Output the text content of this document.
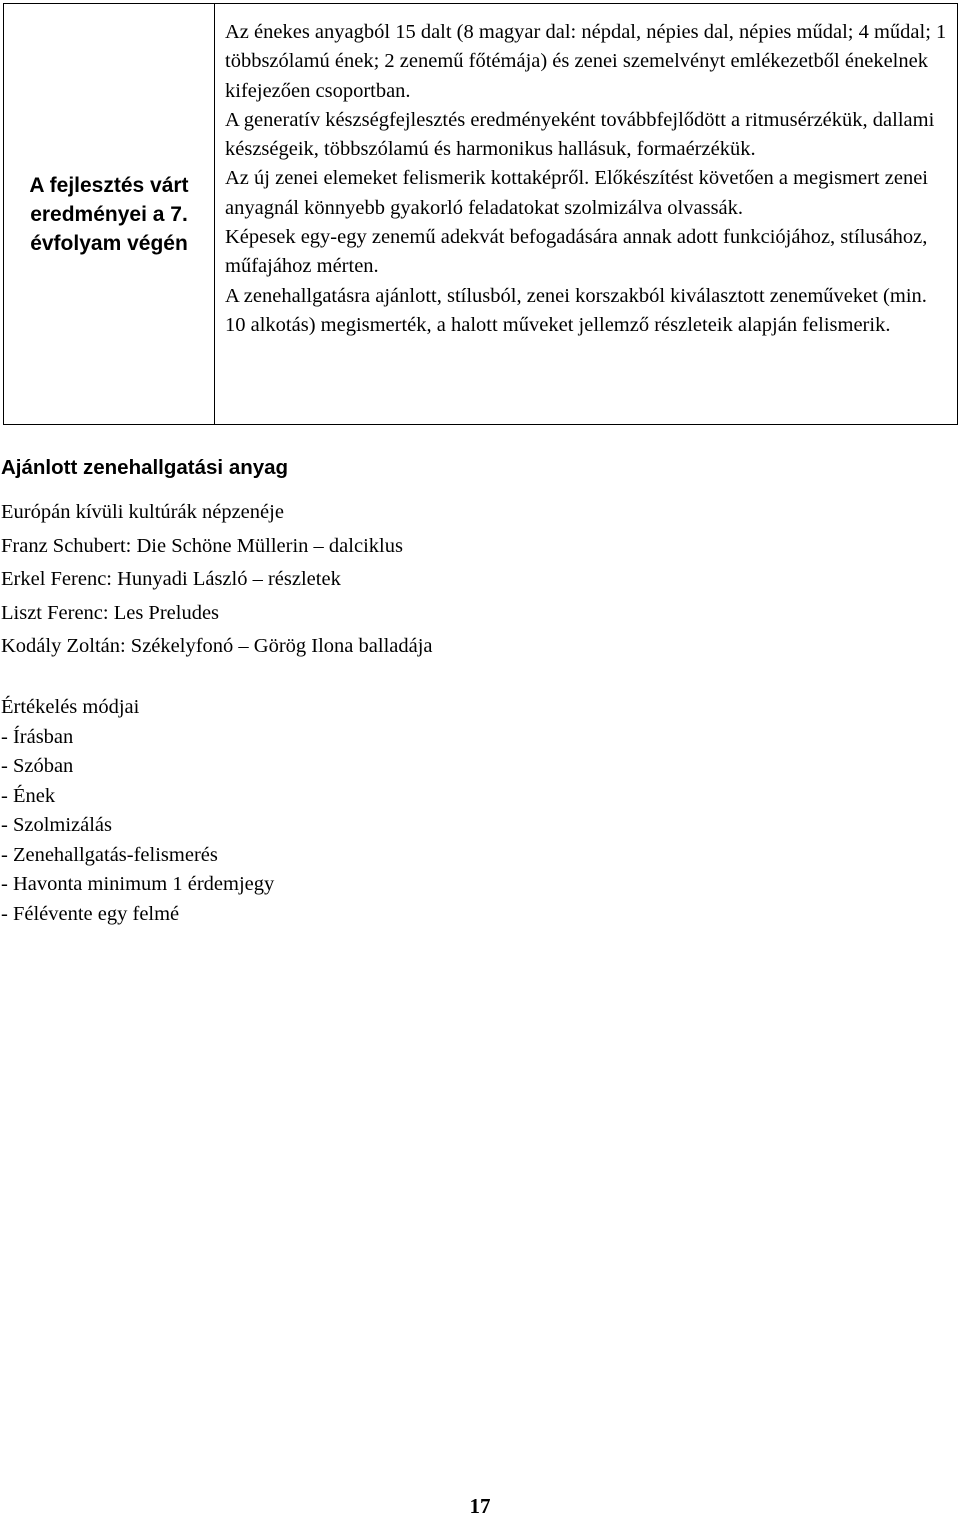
A fejlesztés várt
eredményei a 7.
évfolyam végén

Az énekes anyagból 15 dalt (8 magyar dal: népdal, népies dal, népies műdal; 4 műdal; 1 többszólamú ének; 2 zenemű főtémája) és zenei szemelvényt emlékezetből énekelnek kifejezően csoportban.

A generatív készségfejlesztés eredményeként továbbfejlődött a ritmusérzékük, dallami készségeik, többszólamú és harmonikus hallásuk, formaérzékük.

Az új zenei elemeket felismerik kottaképről. Előkészítést követően a megismert zenei anyagnál könnyebb gyakorló feladatokat szolmizálva olvassák.

Képesek egy-egy zenemű adekvát befogadására annak adott funkciójához, stílusához, műfajához mérten.

A zenehallgatásra ajánlott, stílusból, zenei korszakból kiválasztott zeneműveket (min. 10 alkotás) megismerték, a halott műveket jellemző részleteik alapján felismerik.

Ajánlott zenehallgatási anyag
Európán kívüli kultúrák népzenéje
Franz Schubert: Die Schöne Müllerin – dalciklus
Erkel Ferenc: Hunyadi László – részletek
Liszt Ferenc: Les Preludes
Kodály Zoltán: Székelyfonó – Görög Ilona balladája

Értékelés módjai

- Írásban
- Szóban
- Ének
- Szolmizálás
- Zenehallgatás-felismerés
- Havonta minimum 1 érdemjegy
- Félévente egy felmé

17
